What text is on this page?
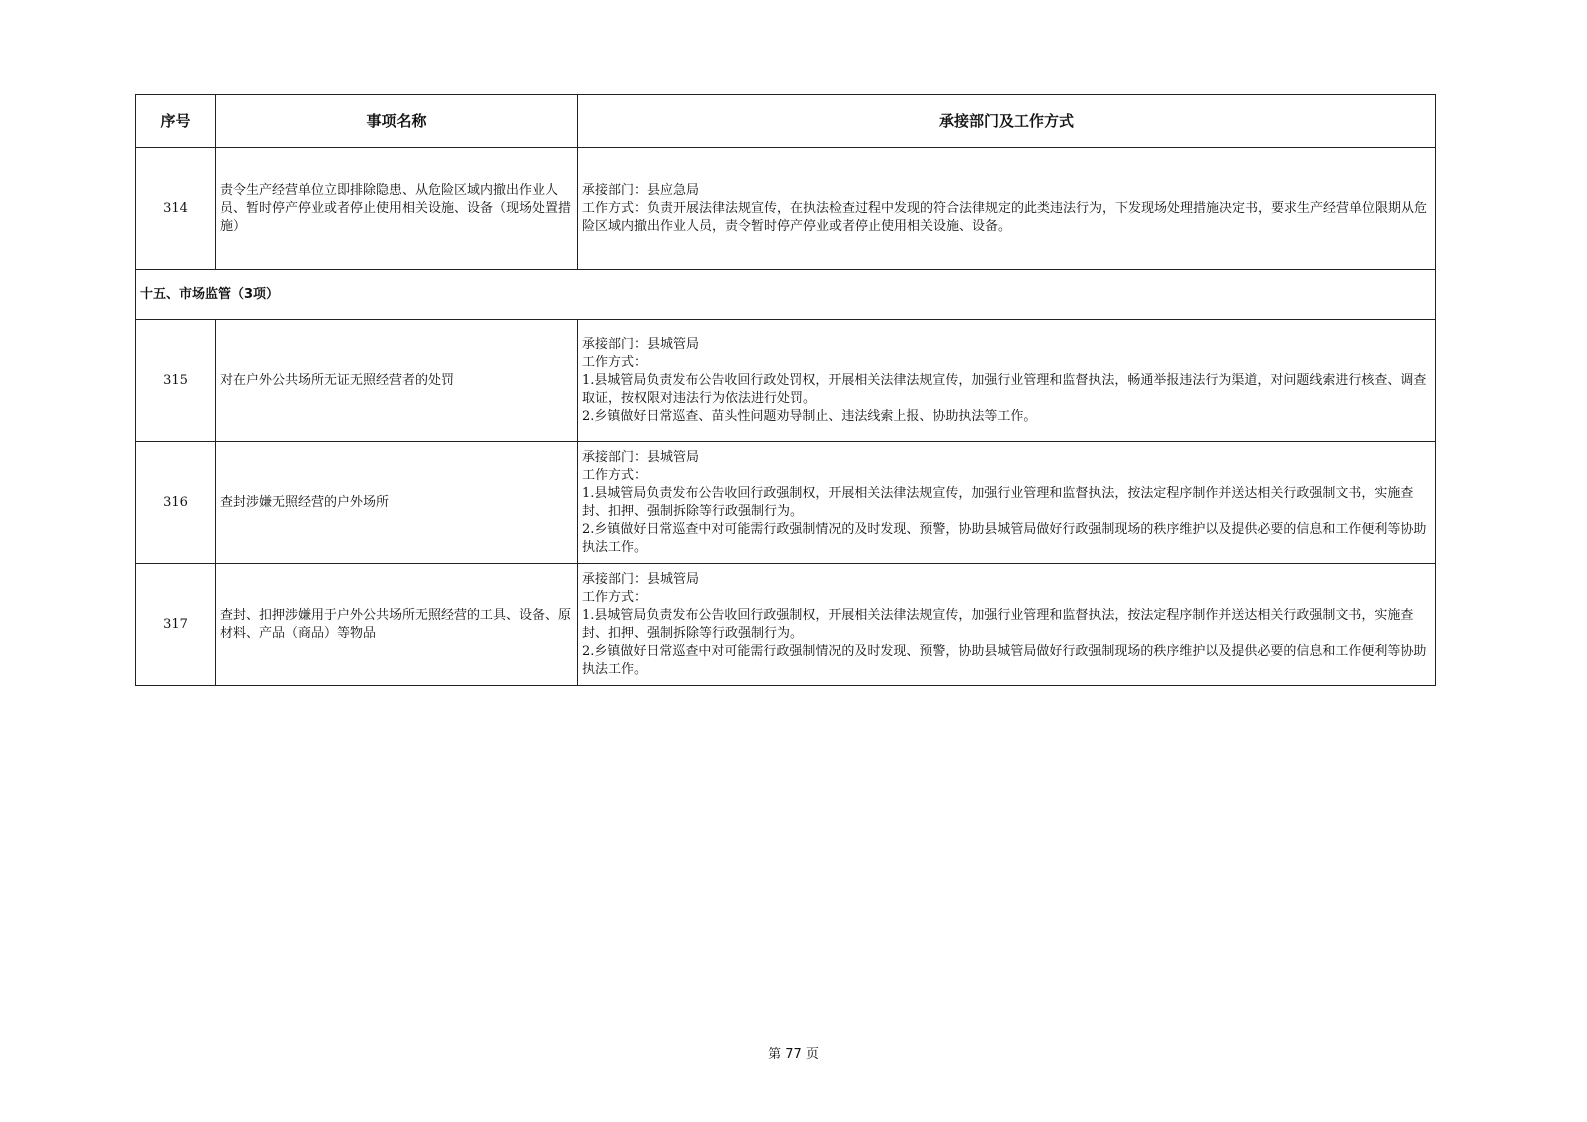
序号	事项名称	承接部门及工作方式
314	责令生产经营单位立即排除隐患、从危险区域内撤出作业人员、暂时停产停业或者停止使用相关设施、设备（现场处置措施）	承接部门：县应急局
工作方式：负责开展法律法规宣传，在执法检查过程中发现的符合法律规定的此类违法行为，下发现场处理措施决定书，要求生产经营单位限期从危险区域内撤出作业人员，责令暂时停产停业或者停止使用相关设施、设备。

十五、市场监管（3项）		
315	对在户外公共场所无证无照经营者的处罚	承接部门：县城管局
工作方式：
1.县城管局负责发布公告收回行政处罚权，开展相关法律法规宣传，加强行业管理和监督执法，畅通举报违法行为渠道，对问题线索进行核查、调查取证，按权限对违法行为依法进行处罚。
2.乡镇做好日常巡查、苗头性问题劝导制止、违法线索上报、协助执法等工作。

316	查封涉嫌无照经营的户外场所	承接部门：县城管局
工作方式：
1.县城管局负责发布公告收回行政强制权，开展相关法律法规宣传，加强行业管理和监督执法，按法定程序制作并送达相关行政强制文书，实施查封、扣押、强制拆除等行政强制行为。
2.乡镇做好日常巡查中对可能需行政强制情况的及时发现、预警，协助县城管局做好行政强制现场的秩序维护以及提供必要的信息和工作便利等协助执法工作。

317	查封、扣押涉嫌用于户外公共场所无照经营的工具、设备、原材料、产品（商品）等物品	承接部门：县城管局
工作方式：
1.县城管局负责发布公告收回行政强制权，开展相关法律法规宣传，加强行业管理和监督执法，按法定程序制作并送达相关行政强制文书，实施查封、扣押、强制拆除等行政强制行为。
2.乡镇做好日常巡查中对可能需行政强制情况的及时发现、预警，协助县城管局做好行政强制现场的秩序维护以及提供必要的信息和工作便利等协助执法工作。
第 77 页
